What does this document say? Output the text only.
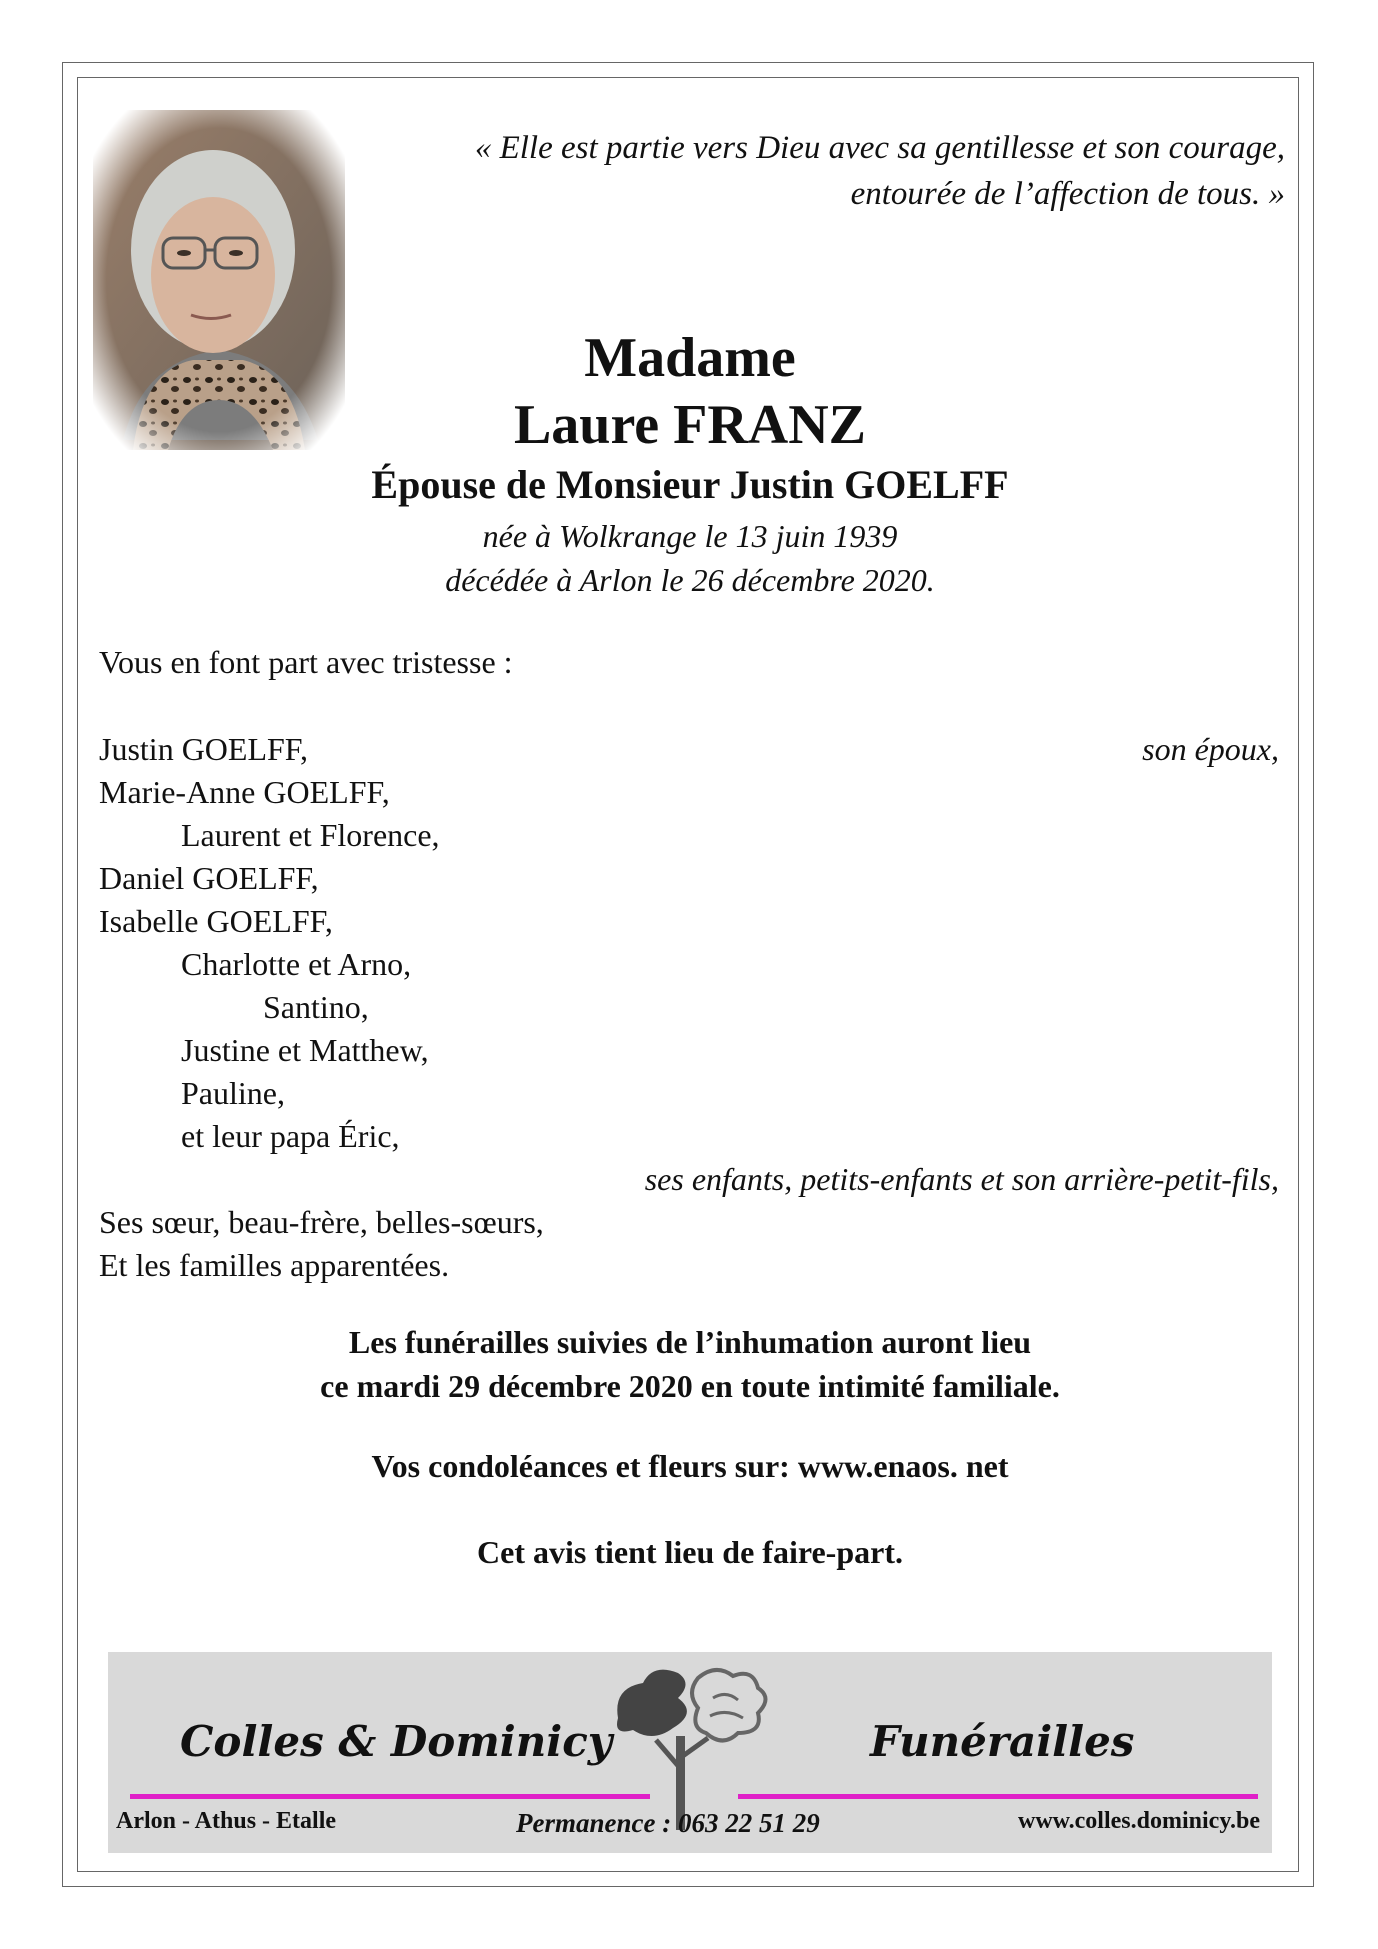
« Elle est partie vers Dieu avec sa gentillesse et son courage,
entourée de l’affection de tous. »
Madame
Laure FRANZ
Épouse de Monsieur Justin GOELFF
née à Wolkrange le 13 juin 1939
décédée à Arlon le 26 décembre 2020.
Vous en font part avec tristesse :
Justin GOELFF,	son époux,
Marie-Anne GOELFF,
Laurent et Florence,
Daniel GOELFF,
Isabelle GOELFF,
Charlotte et Arno,
Santino,
Justine et Matthew,
Pauline,
et leur papa Éric,
ses enfants, petits-enfants et son arrière-petit-fils,
Ses sœur, beau-frère, belles-sœurs,
Et les familles apparentées.
Les funérailles suivies de l’inhumation auront lieu
ce mardi 29 décembre 2020 en toute intimité familiale.
Vos condoléances et fleurs sur: www.enaos. net
Cet avis tient lieu de faire-part.
Colles & Dominicy	Funérailles
Arlon - Athus - Etalle	Permanence : 063 22 51 29	www.colles.dominicy.be
